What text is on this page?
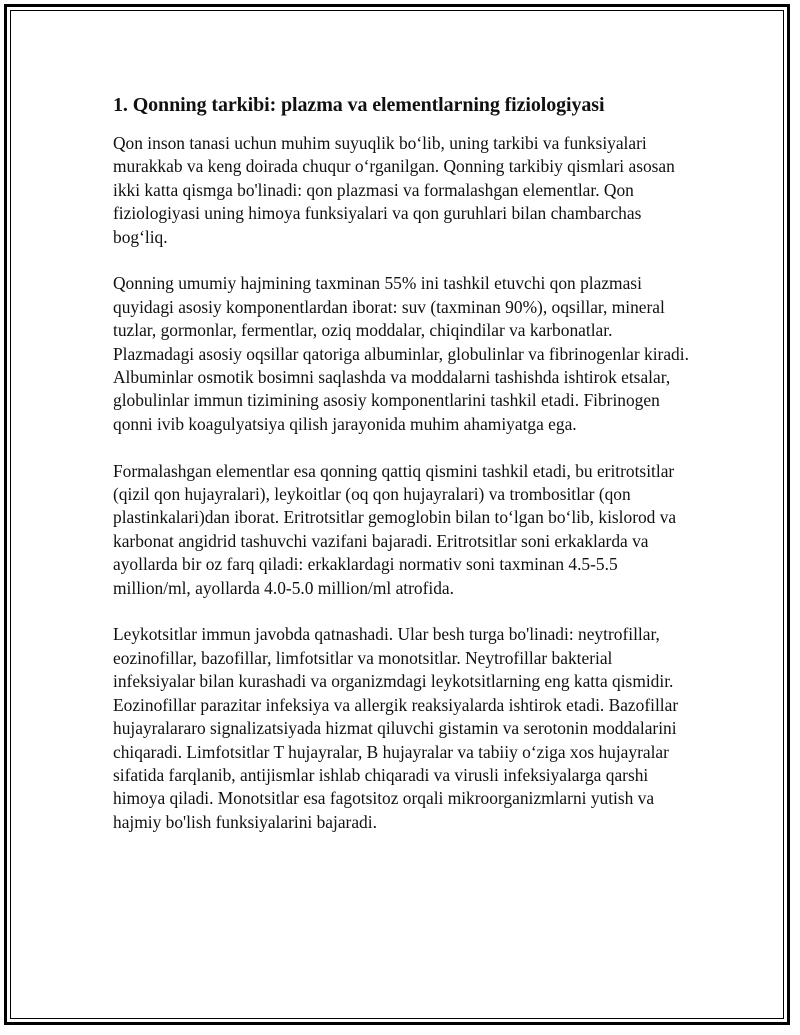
1. Qonning tarkibi: plazma va elementlarning fiziologiyasi

Qon inson tanasi uchun muhim suyuqlik bo‘lib, uning tarkibi va funksiyalari murakkab va keng doirada chuqur o‘rganilgan. Qonning tarkibiy qismlari asosan ikki katta qismga bo'linadi: qon plazmasi va formalashgan elementlar. Qon fiziologiyasi uning himoya funksiyalari va qon guruhlari bilan chambarchas bog‘liq.

Qonning umumiy hajmining taxminan 55% ini tashkil etuvchi qon plazmasi quyidagi asosiy komponentlardan iborat: suv (taxminan 90%), oqsillar, mineral tuzlar, gormonlar, fermentlar, oziq moddalar, chiqindilar va karbonatlar. Plazmadagi asosiy oqsillar qatoriga albuminlar, globulinlar va fibrinogenlar kiradi. Albuminlar osmotik bosimni saqlashda va moddalarni tashishda ishtirok etsalar, globulinlar immun tizimining asosiy komponentlarini tashkil etadi. Fibrinogen qonni ivib koagulyatsiya qilish jarayonida muhim ahamiyatga ega.

Formalashgan elementlar esa qonning qattiq qismini tashkil etadi, bu eritrotsitlar (qizil qon hujayralari), leykoitlar (oq qon hujayralari) va trombositlar (qon plastinkalari)dan iborat. Eritrotsitlar gemoglobin bilan to‘lgan bo‘lib, kislorod va karbonat angidrid tashuvchi vazifani bajaradi. Eritrotsitlar soni erkaklarda va ayollarda bir oz farq qiladi: erkaklardagi normativ soni taxminan 4.5-5.5 million/ml, ayollarda 4.0-5.0 million/ml atrofida.

Leykotsitlar immun javobda qatnashadi. Ular besh turga bo'linadi: neytrofillar, eozinofillar, bazofillar, limfotsitlar va monotsitlar. Neytrofillar bakterial infeksiyalar bilan kurashadi va organizmdagi leykotsitlarning eng katta qismidir. Eozinofillar parazitar infeksiya va allergik reaksiyalarda ishtirok etadi. Bazofillar hujayralararo signalizatsiyada hizmat qiluvchi gistamin va serotonin moddalarini chiqaradi. Limfotsitlar T hujayralar, B hujayralar va tabiiy o‘ziga xos hujayralar sifatida farqlanib, antijismlar ishlab chiqaradi va virusli infeksiyalarga qarshi himoya qiladi. Monotsitlar esa fagotsitoz orqali mikroorganizmlarni yutish va hajmiy bo'lish funksiyalarini bajaradi.
